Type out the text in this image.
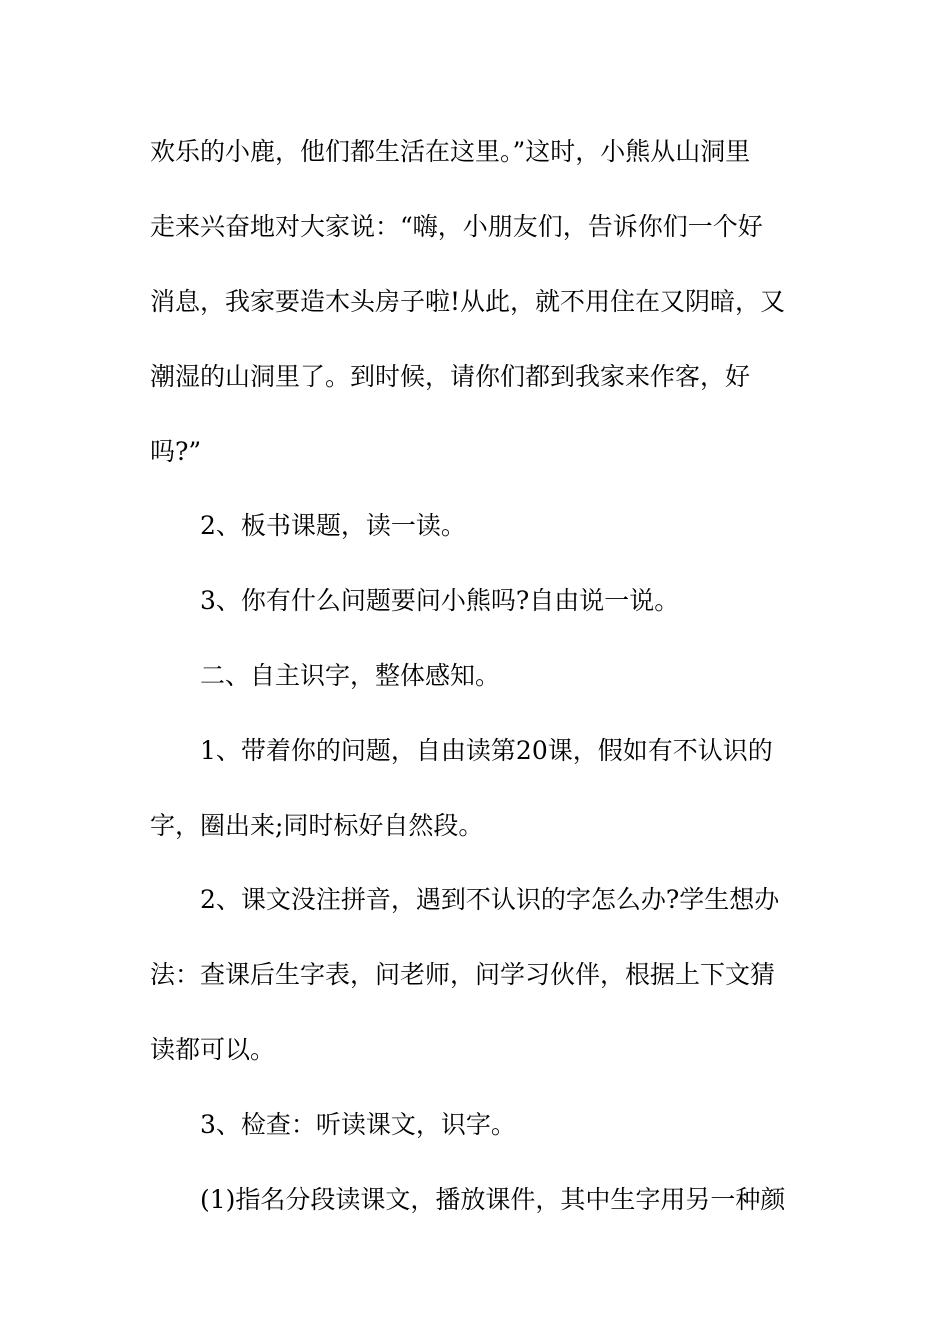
欢乐的小鹿，他们都生活在这里。”这时，小熊从山洞里
走来兴奋地对大家说：“嗨，小朋友们，告诉你们一个好
消息，我家要造木头房子啦!从此，就不用住在又阴暗，又
潮湿的山洞里了。到时候，请你们都到我家来作客，好
吗?”
2、板书课题，读一读。
3、你有什么问题要问小熊吗?自由说一说。
二、自主识字，整体感知。
1、带着你的问题，自由读第20课，假如有不认识的
字，圈出来;同时标好自然段。
2、课文没注拼音，遇到不认识的字怎么办?学生想办
法：查课后生字表，问老师，问学习伙伴，根据上下文猜
读都可以。
3、检查：听读课文，识字。
(1)指名分段读课文，播放课件，其中生字用另一种颜
